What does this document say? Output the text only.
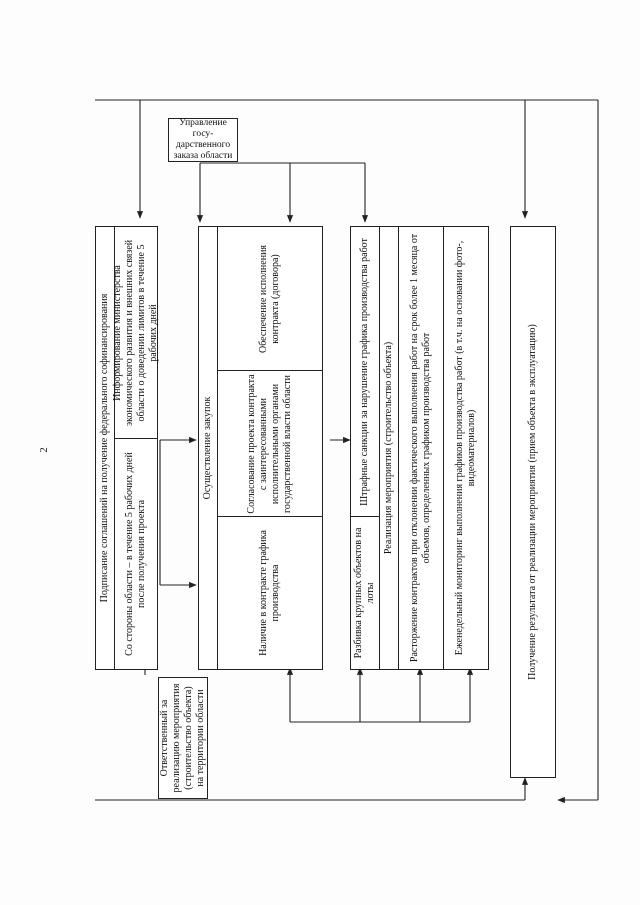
2	Подписание соглашений на получение федерального софинансирования	Со стороны области – в течение 5 рабочих дней после получения проекта
Информирование министерства экономического развития и внешних связей области о доведении лимитов в течение 5 рабочих дней
Ответственный за реализацию мероприятия (строительство объекта) на территории области
Управление госу-дарственного заказа области
Осуществление закупок
Наличие в контракте графика производства
Согласование проекта контракта с заинтересованными исполнительными органами государственной власти области
Обеспечение исполнения контракта (договора)
Разбивка крупных объектов на лоты
Штрафные санкции за нарушение графика производства работ	Реализация мероприятия (строительство объекта)	Расторжение контрактов при отклонении фактического выполнения работ на срок более 1 месяца от объемов, определенных графиком производства работ	Еженедельный мониторинг выполнения графиков производства работ (в т.ч. на основании фото-, видеоматериалов)	Получение результата от реализации мероприятия (прием объекта в эксплуатацию)
